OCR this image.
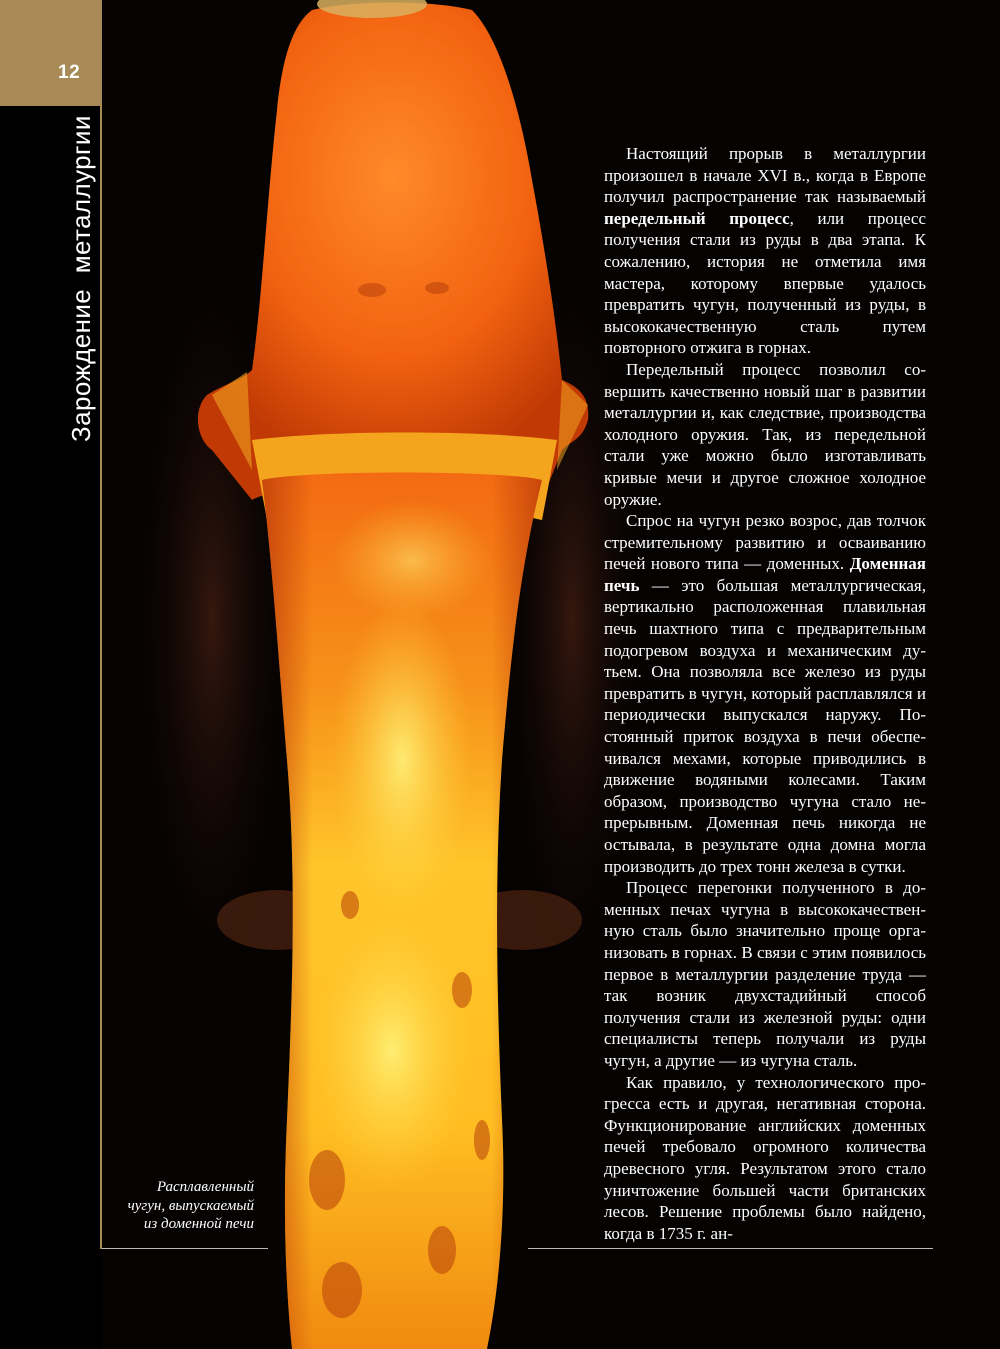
12
Зарождение металлургии
Расплавленный
чугун, выпускаемый
из доменной печи

Настоящий прорыв в металлургии произошел в начале XVI в., когда в Европе получил распространение так называемый передельный процесс, или процесс получения стали из руды в два этапа. К сожалению, история не отметила имя мастера, которому впервые удалось превратить чугун, полученный из руды, в высококачественную сталь путем повторного отжига в горнах.

Передельный процесс позволил совершить качественно новый шаг в развитии металлургии и, как следствие, производства холодного оружия. Так, из передельной стали уже можно было изготавливать кривые мечи и другое сложное холодное оружие.

Спрос на чугун резко возрос, дав толчок стремительному развитию и осваиванию печей нового типа — доменных. Доменная печь — это большая металлургическая, вертикально расположенная плавильная печь шахтного типа с предварительным подогревом воздуха и механическим дутьем. Она позволяла все железо из руды превратить в чугун, который расплавлялся и периодически выпускался наружу. Постоянный приток воздуха в печи обеспечивался мехами, которые приводились в движение водяными колесами. Таким образом, производство чугуна стало непрерывным. Доменная печь никогда не остывала, в результате одна домна могла производить до трех тонн железа в сутки.

Процесс перегонки полученного в доменных печах чугуна в высококачественную сталь было значительно проще организовать в горнах. В связи с этим появилось первое в металлургии разделение труда — так возник двухстадийный способ получения стали из железной руды: одни специалисты теперь получали из руды чугун, а другие — из чугуна сталь.

Как правило, у технологического прогресса есть и другая, негативная сторона. Функционирование английских доменных печей требовало огромного количества древесного угля. Результатом этого стало уничтожение большей части британских лесов. Решение проблемы было найдено, когда в 1735 г. ан-
